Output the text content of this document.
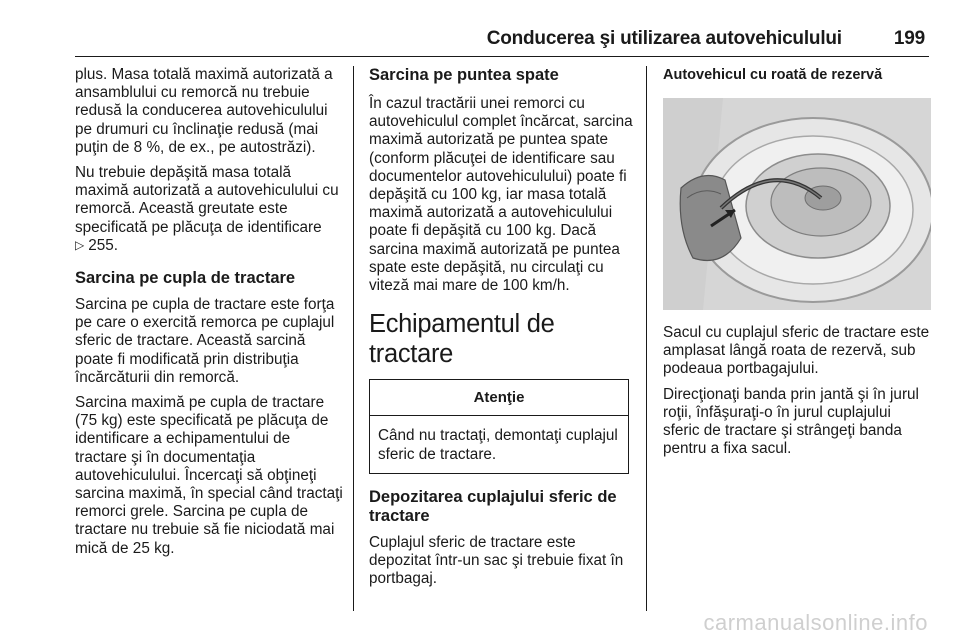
Conducerea şi utilizarea autovehiculului	199

plus. Masa totală maximă autorizată a ansamblului cu remorcă nu trebuie redusă la conducerea autovehiculului pe drumuri cu înclinaţie redusă (mai puţin de 8 %, de ex., pe autostrăzi).

Nu trebuie depăşită masa totală maximă autorizată a autovehiculului cu remorcă. Această greutate este specificată pe plăcuţa de identificare
▷ 255.

Sarcina pe cupla de tractare

Sarcina pe cupla de tractare este forţa pe care o exercită remorca pe cuplajul sferic de tractare. Această sarcină poate fi modificată prin distribuţia încărcăturii din remorcă.

Sarcina maximă pe cupla de tractare (75 kg) este specificată pe plăcuţa de identificare a echipamentului de tractare şi în documentaţia autovehiculului. Încercaţi să obţineţi sarcina maximă, în special când tractaţi remorci grele. Sarcina pe cupla de tractare nu trebuie să fie niciodată mai mică de 25 kg.

Sarcina pe puntea spate

În cazul tractării unei remorci cu autovehiculul complet încărcat, sarcina maximă autorizată pe puntea spate (conform plăcuţei de identificare sau documentelor autovehiculului) poate fi depăşită cu 100 kg, iar masa totală maximă autorizată a autovehiculului poate fi depăşită cu 100 kg. Dacă sarcina maximă autorizată pe puntea spate este depăşită, nu circulaţi cu viteză mai mare de 100 km/h.

Echipamentul de tractare
Atenţie
Când nu tractaţi, demontaţi cuplajul sferic de tractare.
Depozitarea cuplajului sferic de tractare

Cuplajul sferic de tractare este depozitat într-un sac şi trebuie fixat în portbagaj.

Autovehicul cu roată de rezervă

Sacul cu cuplajul sferic de tractare este amplasat lângă roata de rezervă, sub podeaua portbagajului.

Direcţionaţi banda prin jantă şi în jurul roţii, înfăşuraţi-o în jurul cuplajului sferic de tractare şi strângeţi banda pentru a fixa sacul.

carmanualsonline.info
